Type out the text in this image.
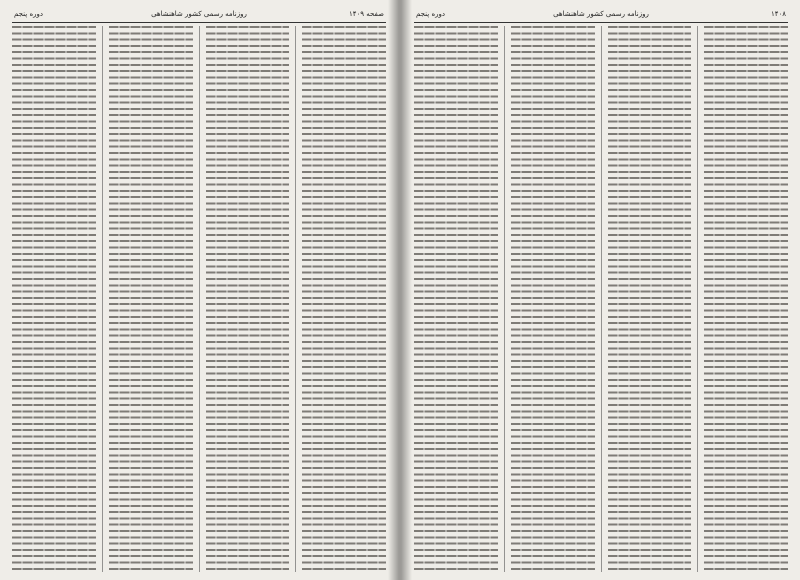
صفحه ۱۴۰۹
روزنامه رسمی کشور شاهنشاهی
دوره پنجم	۱۴۰۸
روزنامه رسمی کشور شاهنشاهی
دوره پنجم
